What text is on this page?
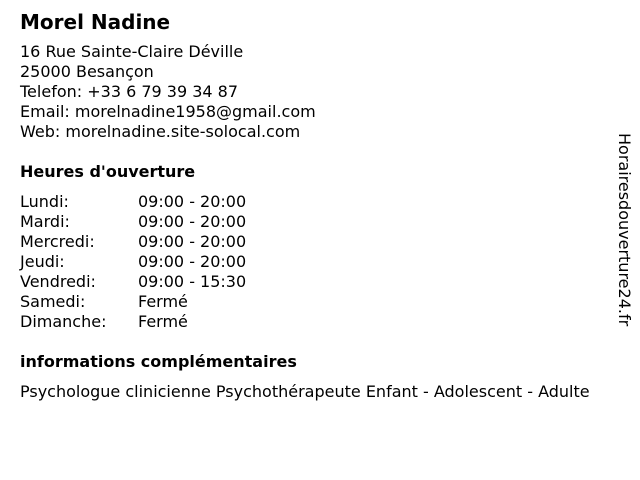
Morel Nadine
16 Rue Sainte-Claire Déville
25000 Besançon
Telefon: +33 6 79 39 34 87
Email: morelnadine1958@gmail.com
Web: morelnadine.site-solocal.com
Heures d'ouverture
Lundi:	09:00 - 20:00
Mardi:	09:00 - 20:00
Mercredi:	09:00 - 20:00
Jeudi:	09:00 - 20:00
Vendredi:	09:00 - 15:30
Samedi:	Fermé
Dimanche:	Fermé
informations complémentaires
Psychologue clinicienne Psychothérapeute Enfant - Adolescent - Adulte
Horairesdouverture24.fr
